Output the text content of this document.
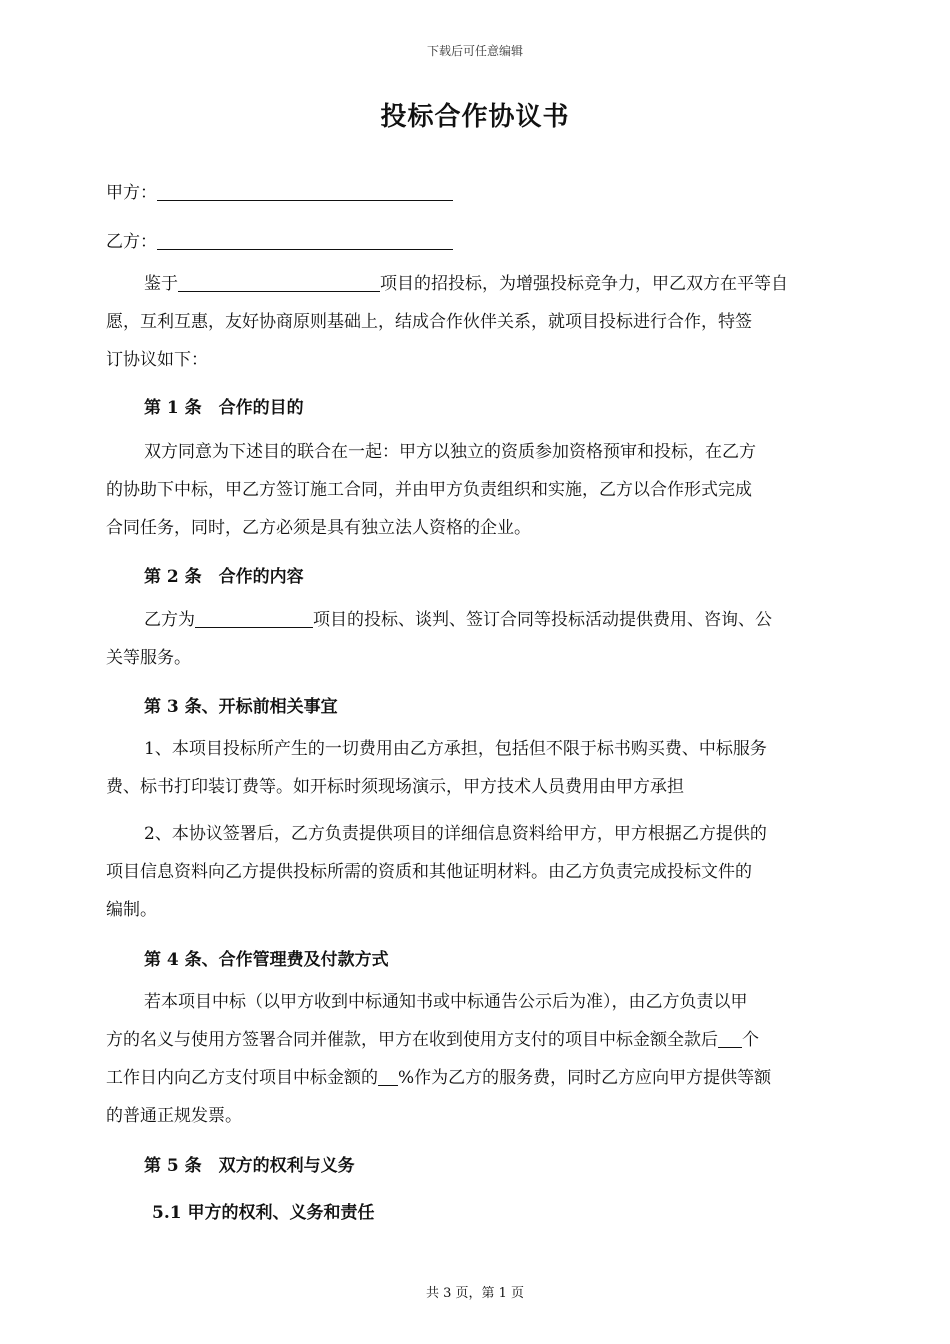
下载后可任意编辑
投标合作协议书
甲方：
乙方：

鉴于	项目的招投标，为增强投标竞争力，甲乙双方在平等自

愿，互利互惠，友好协商原则基础上，结成合作伙伴关系，就项目投标进行合作，特签

订协议如下：

第 1 条　合作的目的

双方同意为下述目的联合在一起：甲方以独立的资质参加资格预审和投标，在乙方

的协助下中标，甲乙方签订施工合同，并由甲方负责组织和实施，乙方以合作形式完成

合同任务，同时，乙方必须是具有独立法人资格的企业。

第 2 条　合作的内容

乙方为	项目的投标、谈判、签订合同等投标活动提供费用、咨询、公

关等服务。

第 3 条、开标前相关事宜

1、本项目投标所产生的一切费用由乙方承担，包括但不限于标书购买费、中标服务

费、标书打印装订费等。如开标时须现场演示，甲方技术人员费用由甲方承担

2、本协议签署后，乙方负责提供项目的详细信息资料给甲方，甲方根据乙方提供的

项目信息资料向乙方提供投标所需的资质和其他证明材料。由乙方负责完成投标文件的

编制。

第 4 条、合作管理费及付款方式

若本项目中标（以甲方收到中标通知书或中标通告公示后为准），由乙方负责以甲

方的名义与使用方签署合同并催款，甲方在收到使用方支付的项目中标金额全款后 个

工作日内向乙方支付项目中标金额的 %作为乙方的服务费，同时乙方应向甲方提供等额

的普通正规发票。

第 5 条　双方的权利与义务
5.1 甲方的权利、义务和责任
共 3 页，第 1 页
